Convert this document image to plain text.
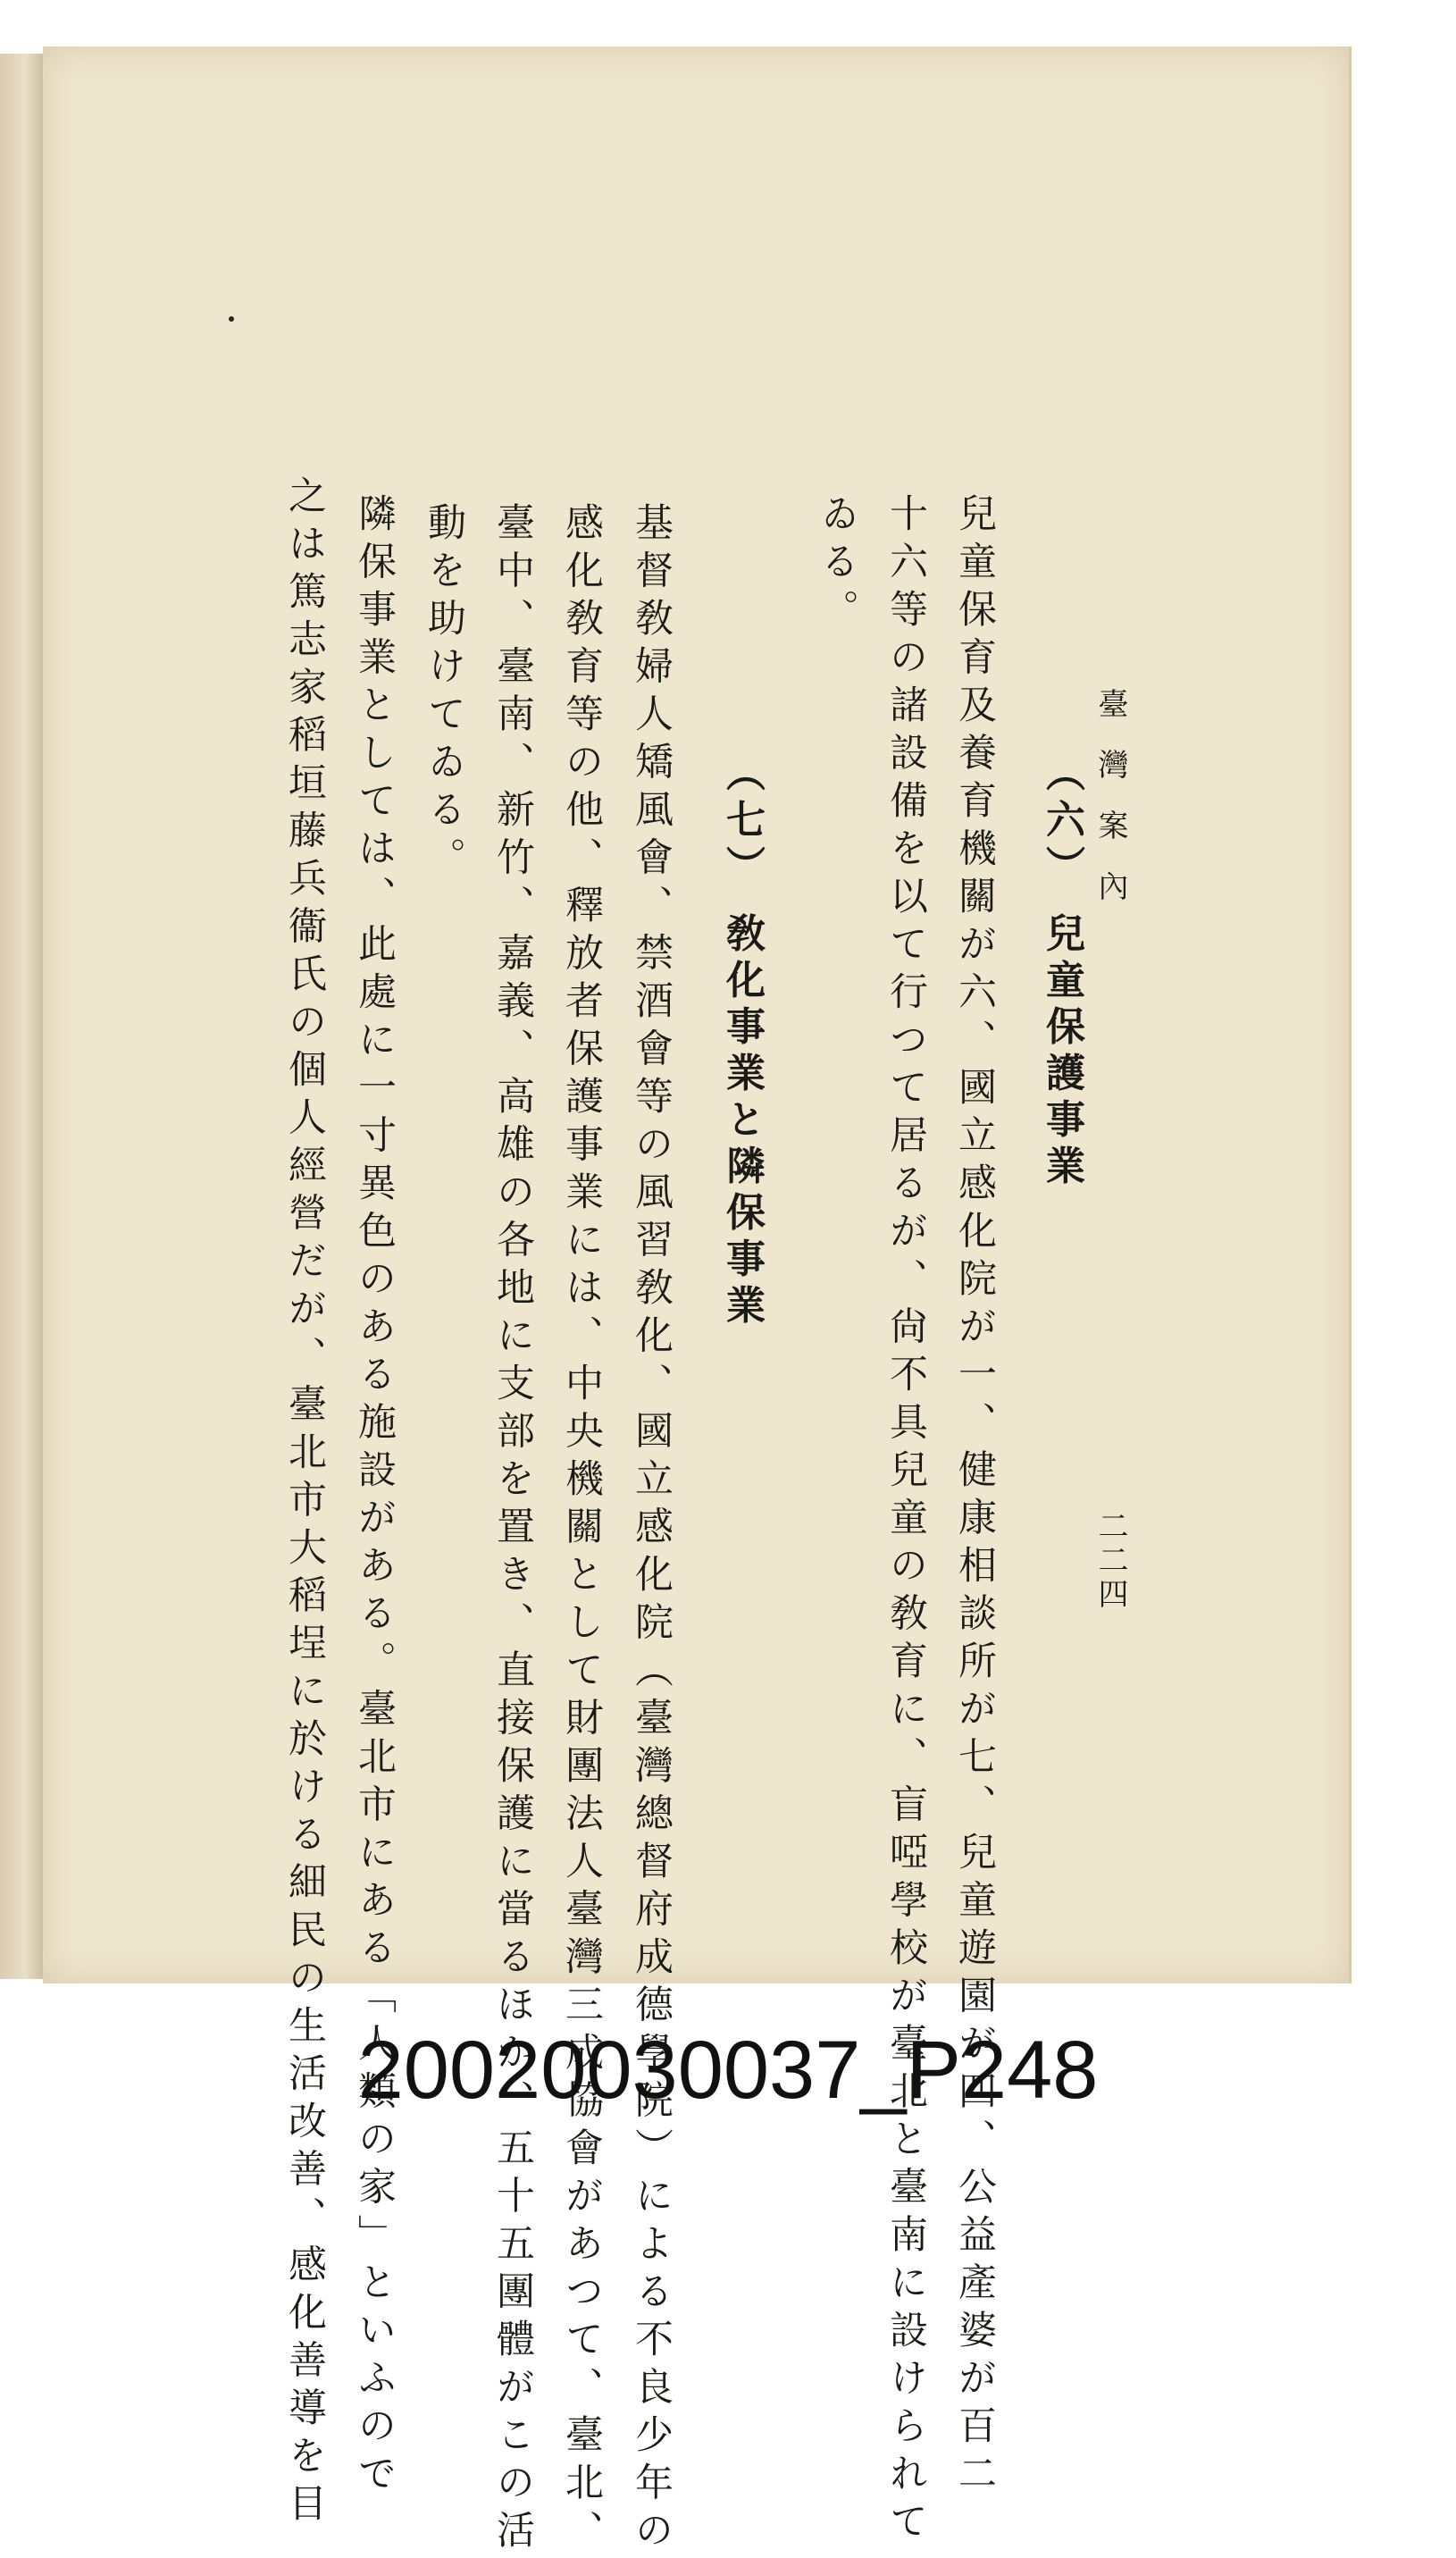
臺灣案內
二二四
（六） 兒童保護事業
兒童保育及養育機關が六、國立感化院が一、健康相談所が七、兒童遊園が四、公益產婆が百二
十六等の諸設備を以て行つて居るが、尙不具兒童の敎育に、盲啞學校が臺北と臺南に設けられて
ゐる。
（七） 敎化事業と隣保事業
基督敎婦人矯風會、禁酒會等の風習敎化、國立感化院（臺灣總督府成德學院）による不良少年の
感化敎育等の他、釋放者保護事業には、中央機關として財團法人臺灣三成協會があつて、臺北、
臺中、臺南、新竹、嘉義、高雄の各地に支部を置き、直接保護に當るほか、五十五團體がこの活
動を助けてゐる。
隣保事業としては、此處に一寸異色のある施設がある。臺北市にある「人類の家」といふので
之は篤志家稻垣藤兵衞氏の個人經營だが、臺北市大稻埕に於ける細民の生活改善、感化善導を目 20020030037_P248
